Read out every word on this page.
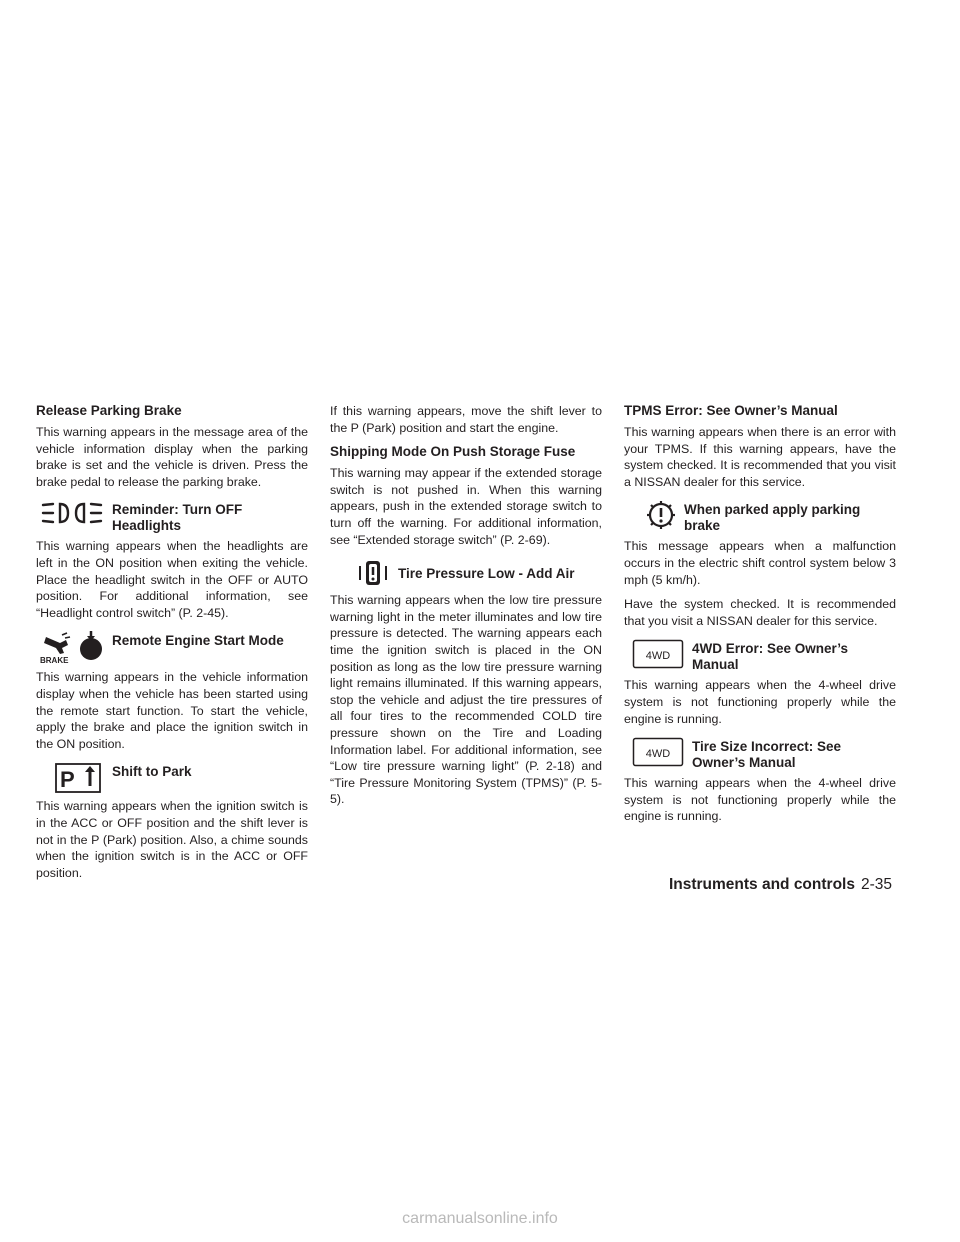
Release Parking Brake

This warning appears in the message area of the vehicle information display when the parking brake is set and the vehicle is driven. Press the brake pedal to release the parking brake.

Reminder: Turn OFF Headlights

This warning appears when the headlights are left in the ON position when exiting the vehicle. Place the headlight switch in the OFF or AUTO position. For additional information, see “Headlight control switch” (P. 2-45).

BRAKE
Remote Engine Start Mode

This warning appears in the vehicle information display when the vehicle has been started using the remote start function. To start the vehicle, apply the brake and place the ignition switch in the ON position.

P	Shift to Park

This warning appears when the ignition switch is in the ACC or OFF position and the shift lever is not in the P (Park) position. Also, a chime sounds when the ignition switch is in the ACC or OFF position.

If this warning appears, move the shift lever to the P (Park) position and start the engine.

Shipping Mode On Push Storage Fuse

This warning may appear if the extended storage switch is not pushed in. When this warning appears, push in the extended storage switch to turn off the warning. For additional information, see “Extended storage switch” (P. 2-69).

Tire Pressure Low - Add Air

This warning appears when the low tire pressure warning light in the meter illuminates and low tire pressure is detected. The warning appears each time the ignition switch is placed in the ON position as long as the low tire pressure warning light remains illuminated. If this warning appears, stop the vehicle and adjust the tire pressures of all four tires to the recommended COLD tire pressure shown on the Tire and Loading Information label. For additional information, see “Low tire pressure warning light” (P. 2-18) and “Tire Pressure Monitoring System (TPMS)” (P. 5-5).

TPMS Error: See Owner’s Manual

This warning appears when there is an error with your TPMS. If this warning appears, have the system checked. It is recommended that you visit a NISSAN dealer for this service.

When parked apply parking brake

This message appears when a malfunction occurs in the electric shift control system below 3 mph (5 km/h).

Have the system checked. It is recommended that you visit a NISSAN dealer for this service.

4WD 4WD Error: See Owner’s Manual

This warning appears when the 4-wheel drive system is not functioning properly while the engine is running.

4WD Tire Size Incorrect: See Owner’s Manual

This warning appears when the 4-wheel drive system is not functioning properly while the engine is running.

Instruments and controls 2-35
carmanualsonline.info
